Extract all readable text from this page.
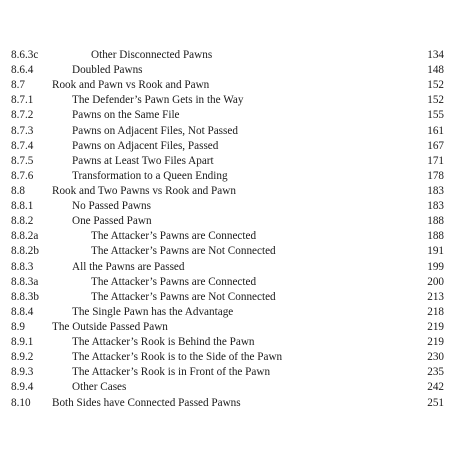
8.6.3c	Other Disconnected Pawns	134
8.6.4	Doubled Pawns	148
8.7 Rook and Pawn vs Rook and Pawn	152
8.7.1	The Defender’s Pawn Gets in the Way	152
8.7.2	Pawns on the Same File	155
8.7.3	Pawns on Adjacent Files, Not Passed	161
8.7.4	Pawns on Adjacent Files, Passed	167
8.7.5	Pawns at Least Two Files Apart	171
8.7.6	Transformation to a Queen Ending	178
8.8 Rook and Two Pawns vs Rook and Pawn	183
8.8.1	No Passed Pawns	183
8.8.2	One Passed Pawn	188
8.8.2a	The Attacker’s Pawns are Connected	188
8.8.2b	The Attacker’s Pawns are Not Connected	191
8.8.3	All the Pawns are Passed	199
8.8.3a	The Attacker’s Pawns are Connected	200
8.8.3b	The Attacker’s Pawns are Not Connected	213
8.8.4	The Single Pawn has the Advantage	218
8.9 The Outside Passed Pawn	219
8.9.1	The Attacker’s Rook is Behind the Pawn	219
8.9.2	The Attacker’s Rook is to the Side of the Pawn	230
8.9.3	The Attacker’s Rook is in Front of the Pawn	235
8.9.4	Other Cases	242
8.10 Both Sides have Connected Passed Pawns	251
